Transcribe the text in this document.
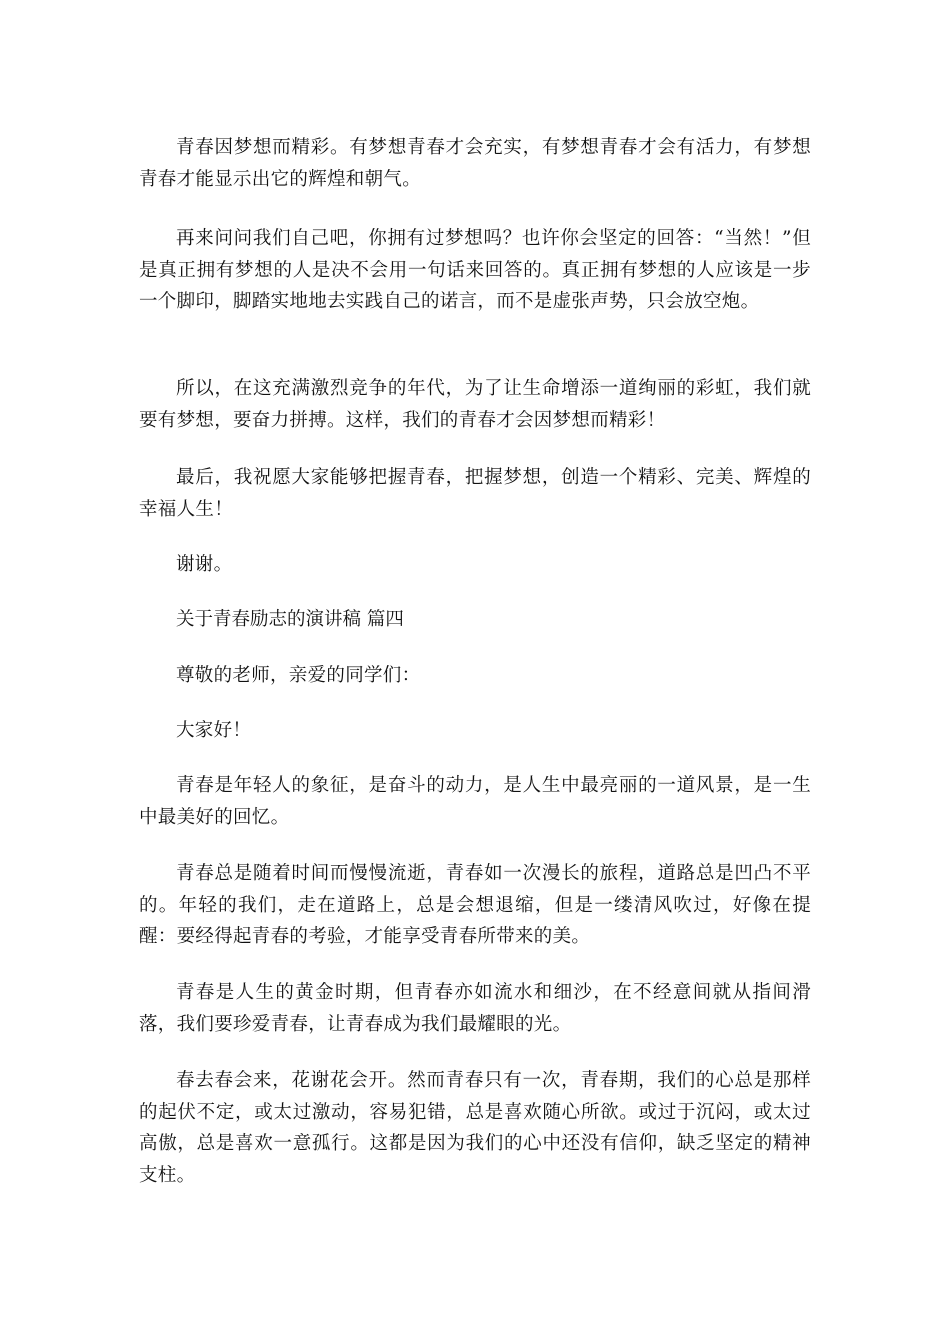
青春因梦想而精彩。有梦想青春才会充实，有梦想青春才会有活力，有梦想青春才能显示出它的辉煌和朝气。

再来问问我们自己吧，你拥有过梦想吗？也许你会坚定的回答：“当然！”但是真正拥有梦想的人是决不会用一句话来回答的。真正拥有梦想的人应该是一步一个脚印，脚踏实地地去实践自己的诺言，而不是虚张声势，只会放空炮。

所以，在这充满激烈竞争的年代，为了让生命增添一道绚丽的彩虹，我们就要有梦想，要奋力拼搏。这样，我们的青春才会因梦想而精彩！

最后，我祝愿大家能够把握青春，把握梦想，创造一个精彩、完美、辉煌的幸福人生！

谢谢。

关于青春励志的演讲稿 篇四

尊敬的老师，亲爱的同学们：

大家好！

青春是年轻人的象征，是奋斗的动力，是人生中最亮丽的一道风景，是一生中最美好的回忆。

青春总是随着时间而慢慢流逝，青春如一次漫长的旅程，道路总是凹凸不平的。年轻的我们，走在道路上，总是会想退缩，但是一缕清风吹过，好像在提醒：要经得起青春的考验，才能享受青春所带来的美。

青春是人生的黄金时期，但青春亦如流水和细沙，在不经意间就从指间滑落，我们要珍爱青春，让青春成为我们最耀眼的光。

春去春会来，花谢花会开。然而青春只有一次，青春期，我们的心总是那样的起伏不定，或太过激动，容易犯错，总是喜欢随心所欲。或过于沉闷，或太过高傲，总是喜欢一意孤行。这都是因为我们的心中还没有信仰，缺乏坚定的精神支柱。
